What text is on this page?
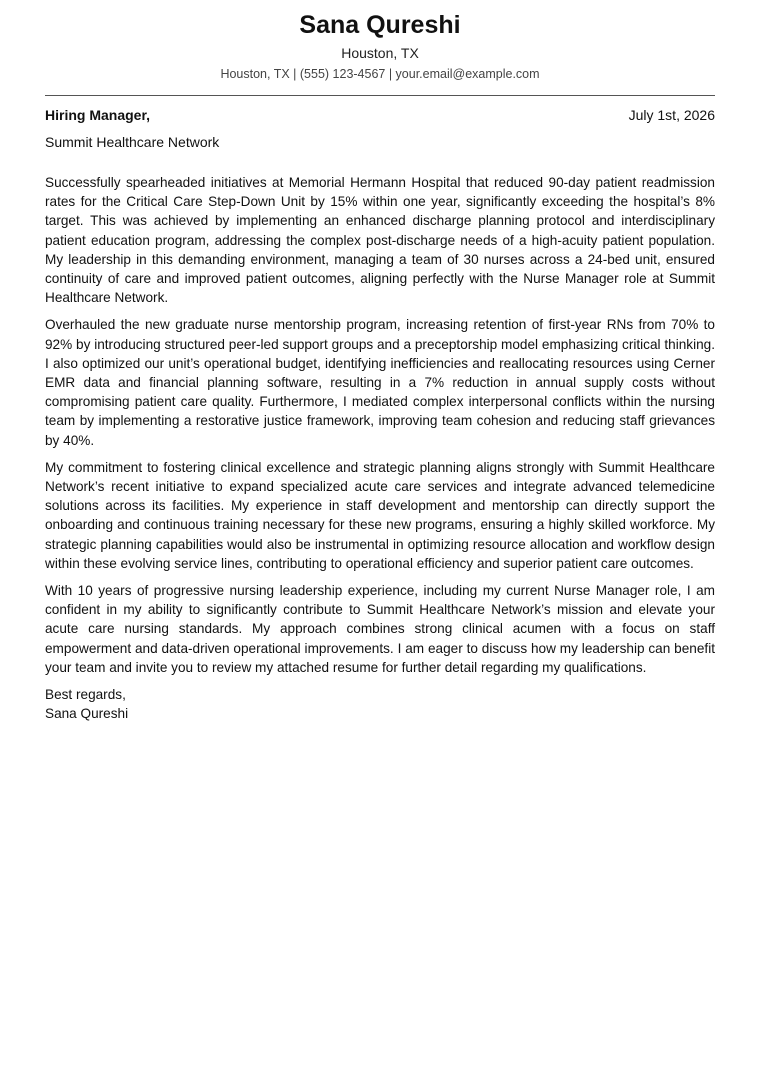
Sana Qureshi
Houston, TX
Houston, TX | (555) 123-4567 | your.email@example.com
Hiring Manager,	July 1st, 2026
Summit Healthcare Network

Successfully spearheaded initiatives at Memorial Hermann Hospital that reduced 90-day patient readmission rates for the Critical Care Step-Down Unit by 15% within one year, significantly exceeding the hospital’s 8% target. This was achieved by implementing an enhanced discharge planning protocol and interdisciplinary patient education program, addressing the complex post-discharge needs of a high-acuity patient population. My leadership in this demanding environment, managing a team of 30 nurses across a 24-bed unit, ensured continuity of care and improved patient outcomes, aligning perfectly with the Nurse Manager role at Summit Healthcare Network.

Overhauled the new graduate nurse mentorship program, increasing retention of first-year RNs from 70% to 92% by introducing structured peer-led support groups and a preceptorship model emphasizing critical thinking. I also optimized our unit’s operational budget, identifying inefficiencies and reallocating resources using Cerner EMR data and financial planning software, resulting in a 7% reduction in annual supply costs without compromising patient care quality. Furthermore, I mediated complex interpersonal conflicts within the nursing team by implementing a restorative justice framework, improving team cohesion and reducing staff grievances by 40%.

My commitment to fostering clinical excellence and strategic planning aligns strongly with Summit Healthcare Network’s recent initiative to expand specialized acute care services and integrate advanced telemedicine solutions across its facilities. My experience in staff development and mentorship can directly support the onboarding and continuous training necessary for these new programs, ensuring a highly skilled workforce. My strategic planning capabilities would also be instrumental in optimizing resource allocation and workflow design within these evolving service lines, contributing to operational efficiency and superior patient care outcomes.

With 10 years of progressive nursing leadership experience, including my current Nurse Manager role, I am confident in my ability to significantly contribute to Summit Healthcare Network’s mission and elevate your acute care nursing standards. My approach combines strong clinical acumen with a focus on staff empowerment and data-driven operational improvements. I am eager to discuss how my leadership can benefit your team and invite you to review my attached resume for further detail regarding my qualifications.

Best regards,
Sana Qureshi
